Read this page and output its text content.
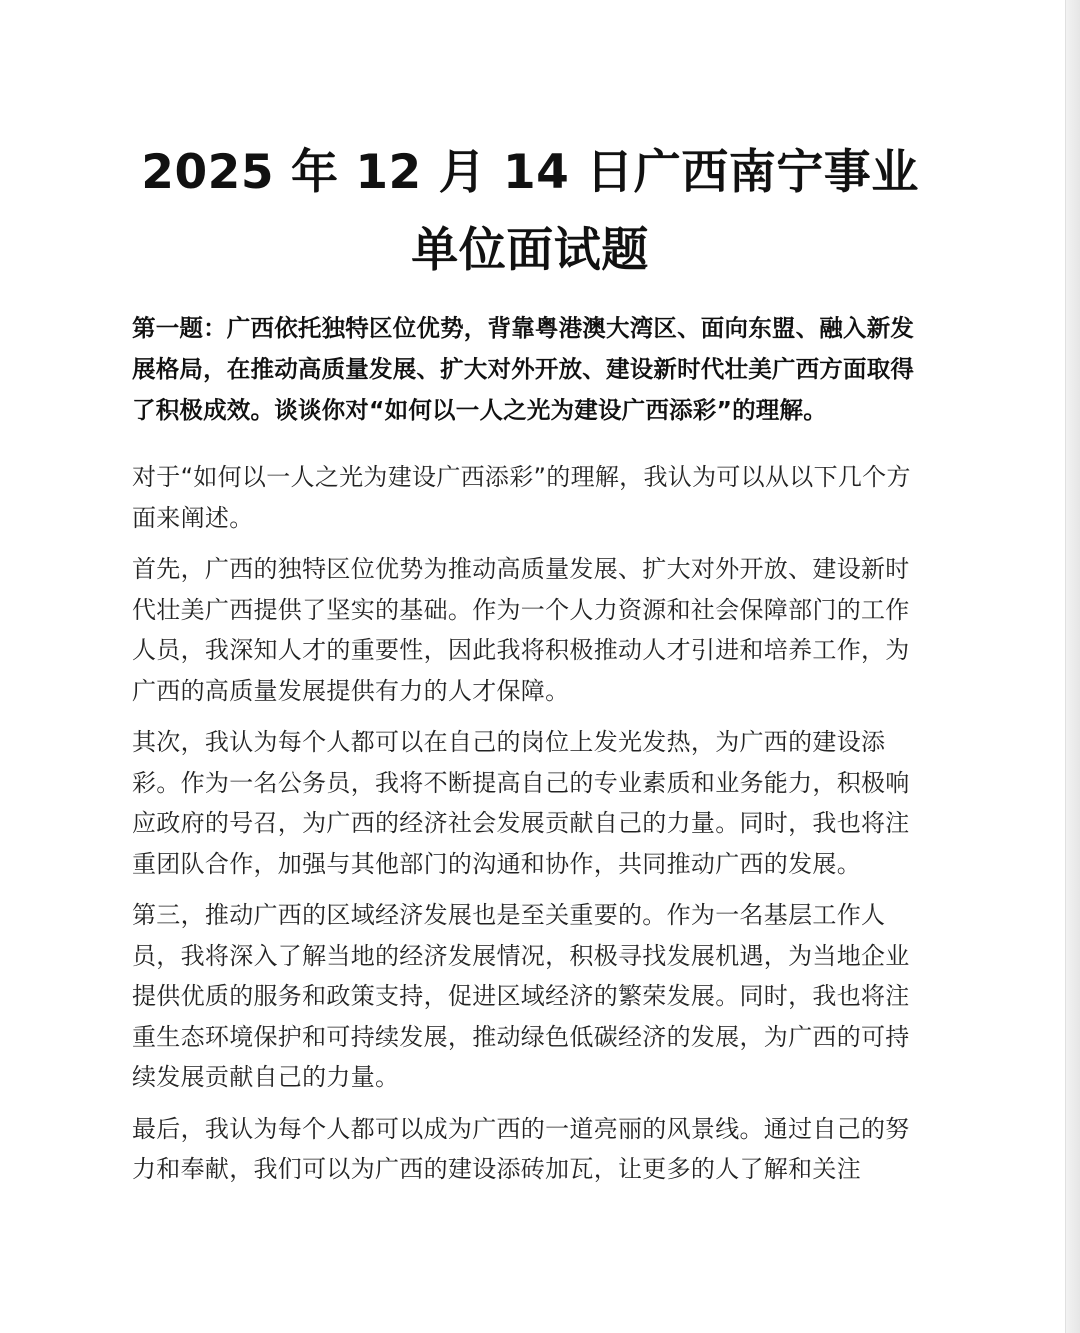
2025 年 12 月 14 日广西南宁事业单位面试题

第一题：广西依托独特区位优势，背靠粤港澳大湾区、面向东盟、融入新发展格局，在推动高质量发展、扩大对外开放、建设新时代壮美广西方面取得了积极成效。谈谈你对“如何以一人之光为建设广西添彩”的理解。

对于“如何以一人之光为建设广西添彩”的理解，我认为可以从以下几个方面来阐述。

首先，广西的独特区位优势为推动高质量发展、扩大对外开放、建设新时代壮美广西提供了坚实的基础。作为一个人力资源和社会保障部门的工作人员，我深知人才的重要性，因此我将积极推动人才引进和培养工作，为广西的高质量发展提供有力的人才保障。

其次，我认为每个人都可以在自己的岗位上发光发热，为广西的建设添彩。作为一名公务员，我将不断提高自己的专业素质和业务能力，积极响应政府的号召，为广西的经济社会发展贡献自己的力量。同时，我也将注重团队合作，加强与其他部门的沟通和协作，共同推动广西的发展。

第三，推动广西的区域经济发展也是至关重要的。作为一名基层工作人员，我将深入了解当地的经济发展情况，积极寻找发展机遇，为当地企业提供优质的服务和政策支持，促进区域经济的繁荣发展。同时，我也将注重生态环境保护和可持续发展，推动绿色低碳经济的发展，为广西的可持续发展贡献自己的力量。

最后，我认为每个人都可以成为广西的一道亮丽的风景线。通过自己的努力和奉献，我们可以为广西的建设添砖加瓦，让更多的人了解和关注
